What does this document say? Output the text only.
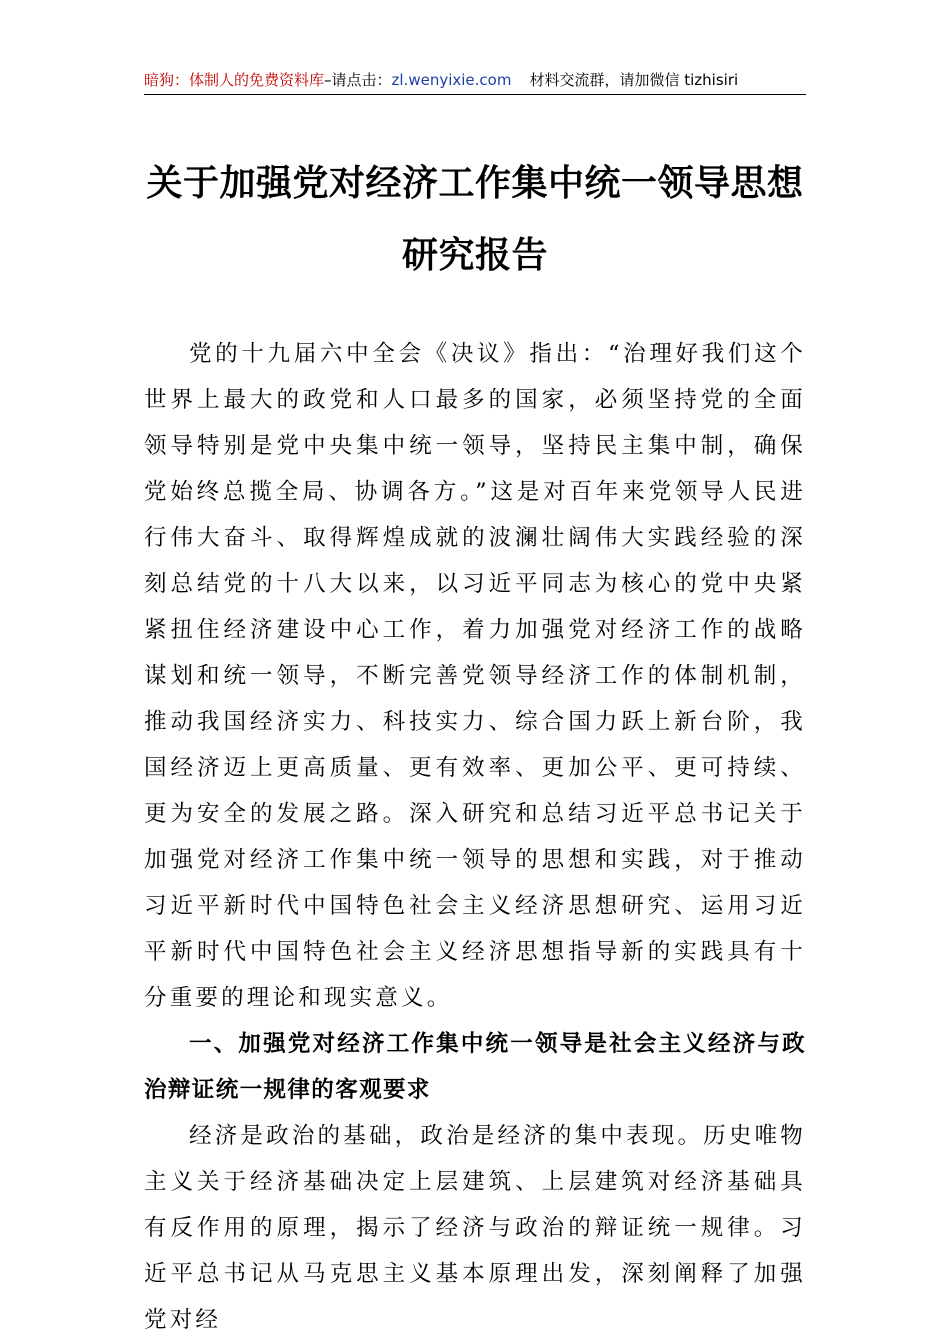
暗狗：体制人的免费资料库–请点击：zl.wenyixie.com 材料交流群，请加微信 tizhisiri
关于加强党对经济工作集中统一领导思想
研究报告

党的十九届六中全会《决议》指出：“治理好我们这个世界上最大的政党和人口最多的国家，必须坚持党的全面领导特别是党中央集中统一领导，坚持民主集中制，确保党始终总揽全局、协调各方。”这是对百年来党领导人民进行伟大奋斗、取得辉煌成就的波澜壮阔伟大实践经验的深刻总结党的十八大以来，以习近平同志为核心的党中央紧紧扭住经济建设中心工作，着力加强党对经济工作的战略谋划和统一领导，不断完善党领导经济工作的体制机制，推动我国经济实力、科技实力、综合国力跃上新台阶，我国经济迈上更高质量、更有效率、更加公平、更可持续、更为安全的发展之路。深入研究和总结习近平总书记关于加强党对经济工作集中统一领导的思想和实践，对于推动习近平新时代中国特色社会主义经济思想研究、运用习近平新时代中国特色社会主义经济思想指导新的实践具有十分重要的理论和现实意义。

一、加强党对经济工作集中统一领导是社会主义经济与政治辩证统一规律的客观要求

经济是政治的基础，政治是经济的集中表现。历史唯物主义关于经济基础决定上层建筑、上层建筑对经济基础具有反作用的原理，揭示了经济与政治的辩证统一规律。习近平总书记从马克思主义基本原理出发，深刻阐释了加强党对经
